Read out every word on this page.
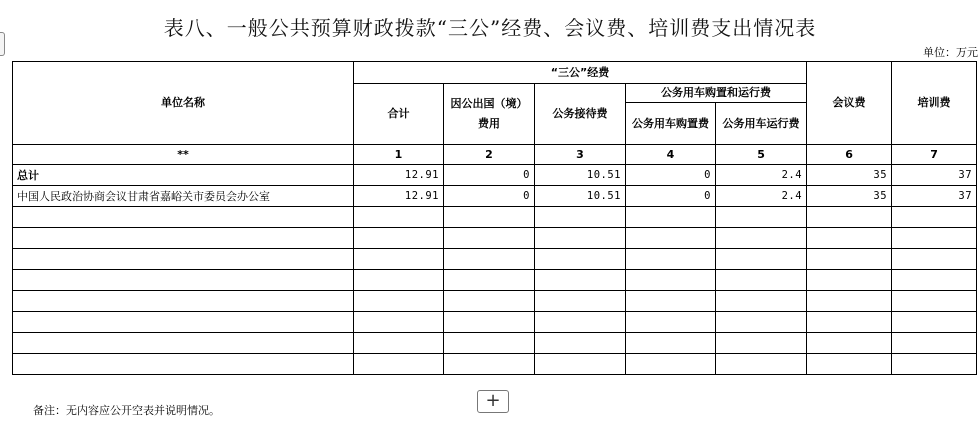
表八、一般公共预算财政拨款“三公”经费、会议费、培训费支出情况表
单位：万元
单位名称	“三公”经费					会议费	培训费
	合计	因公出国（境）费用	公务接待费	公务用车购置和运行费			
				公务用车购置费	公务用车运行费		
**	1	2	3	4	5	6	7
总计	12.91	0	10.51	0	2.4	35	37
中国人民政治协商会议甘肃省嘉峪关市委员会办公室	12.91	0	10.51	0	2.4	35	37

备注：无内容应公开空表并说明情况。	+
